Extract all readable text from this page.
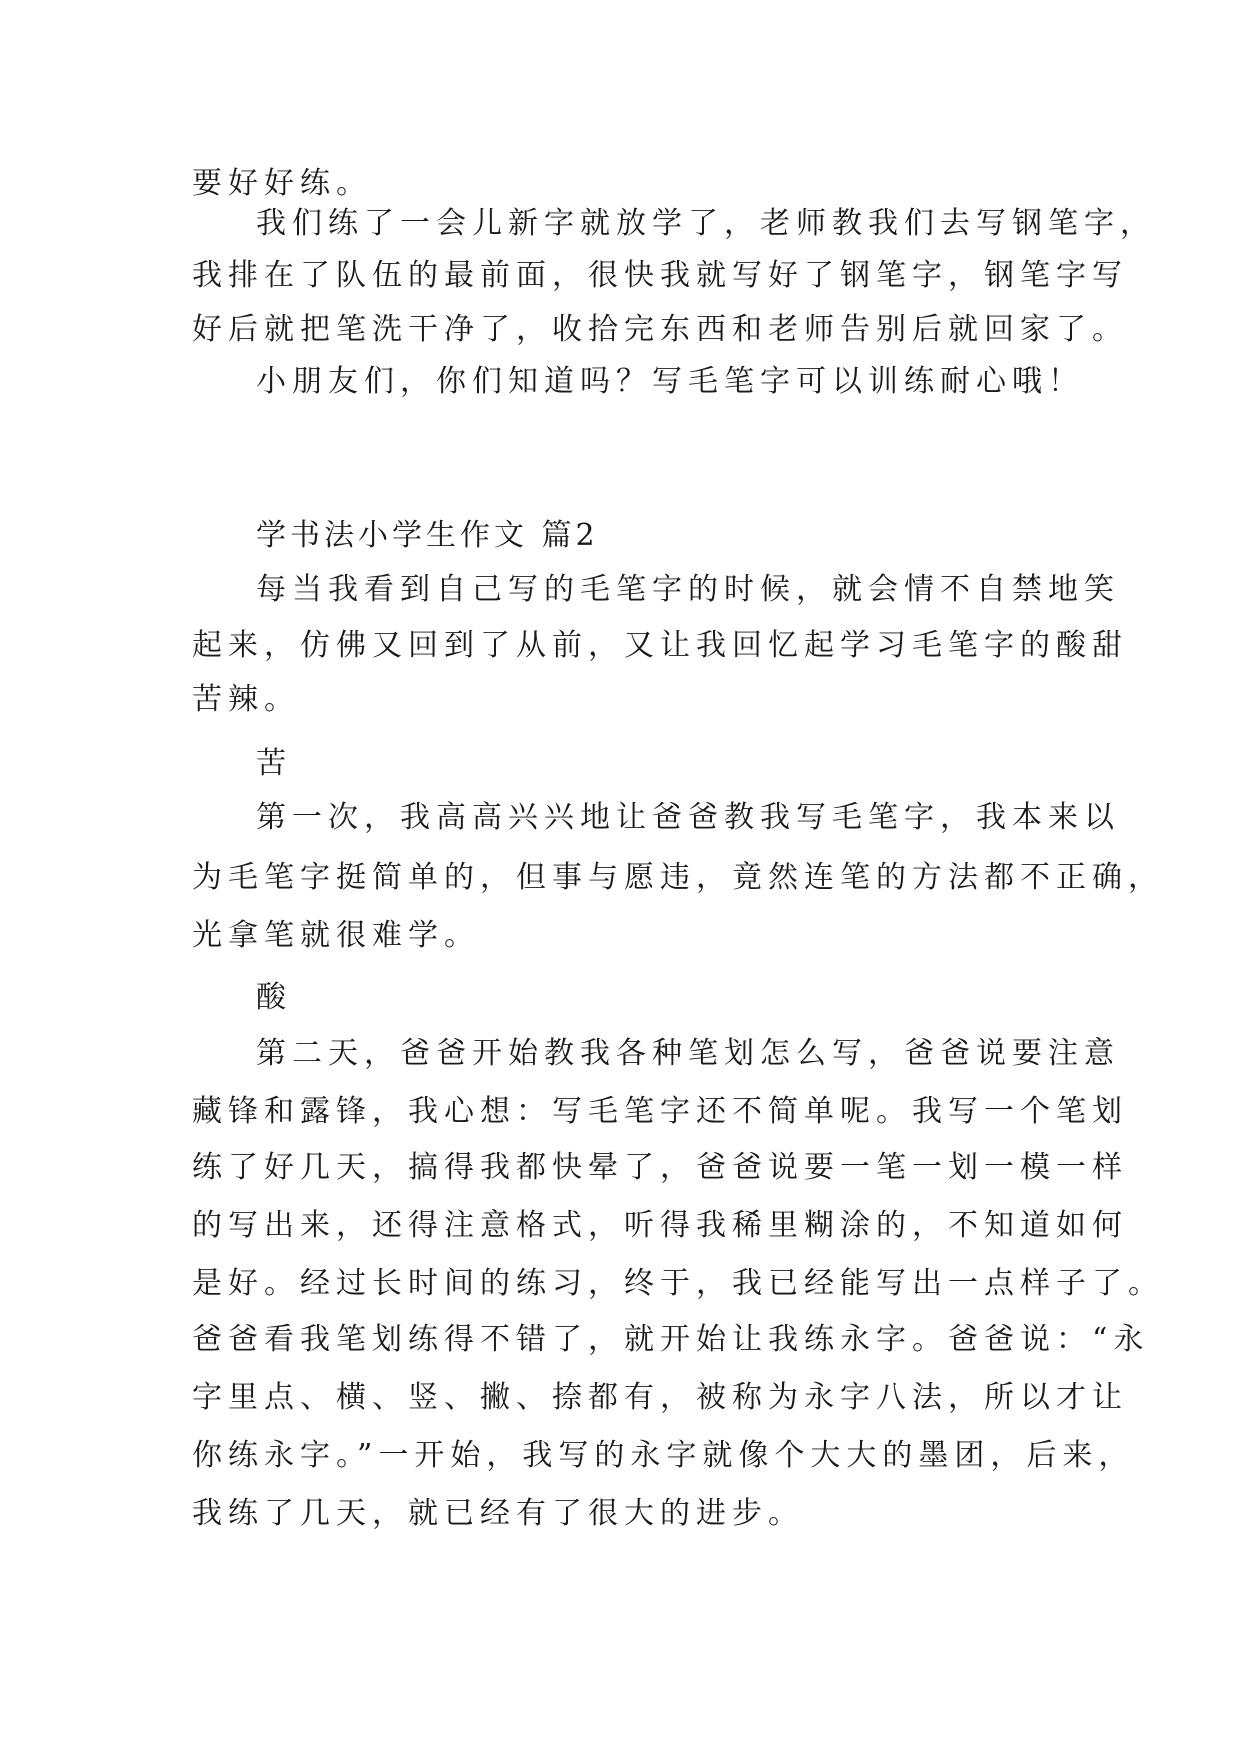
要好好练。
我们练了一会儿新字就放学了，老师教我们去写钢笔字，
我排在了队伍的最前面，很快我就写好了钢笔字，钢笔字写
好后就把笔洗干净了，收拾完东西和老师告别后就回家了。
小朋友们，你们知道吗？写毛笔字可以训练耐心哦！
学书法小学生作文 篇2
每当我看到自己写的毛笔字的时候，就会情不自禁地笑
起来，仿佛又回到了从前，又让我回忆起学习毛笔字的酸甜
苦辣。
苦
第一次，我高高兴兴地让爸爸教我写毛笔字，我本来以
为毛笔字挺简单的，但事与愿违，竟然连笔的方法都不正确，
光拿笔就很难学。
酸
第二天，爸爸开始教我各种笔划怎么写，爸爸说要注意
藏锋和露锋，我心想：写毛笔字还不简单呢。我写一个笔划
练了好几天，搞得我都快晕了，爸爸说要一笔一划一模一样
的写出来，还得注意格式，听得我稀里糊涂的，不知道如何
是好。经过长时间的练习，终于，我已经能写出一点样子了。
爸爸看我笔划练得不错了，就开始让我练永字。爸爸说：“永
字里点、横、竖、撇、捺都有，被称为永字八法，所以才让
你练永字。”一开始，我写的永字就像个大大的墨团，后来，
我练了几天，就已经有了很大的进步。
